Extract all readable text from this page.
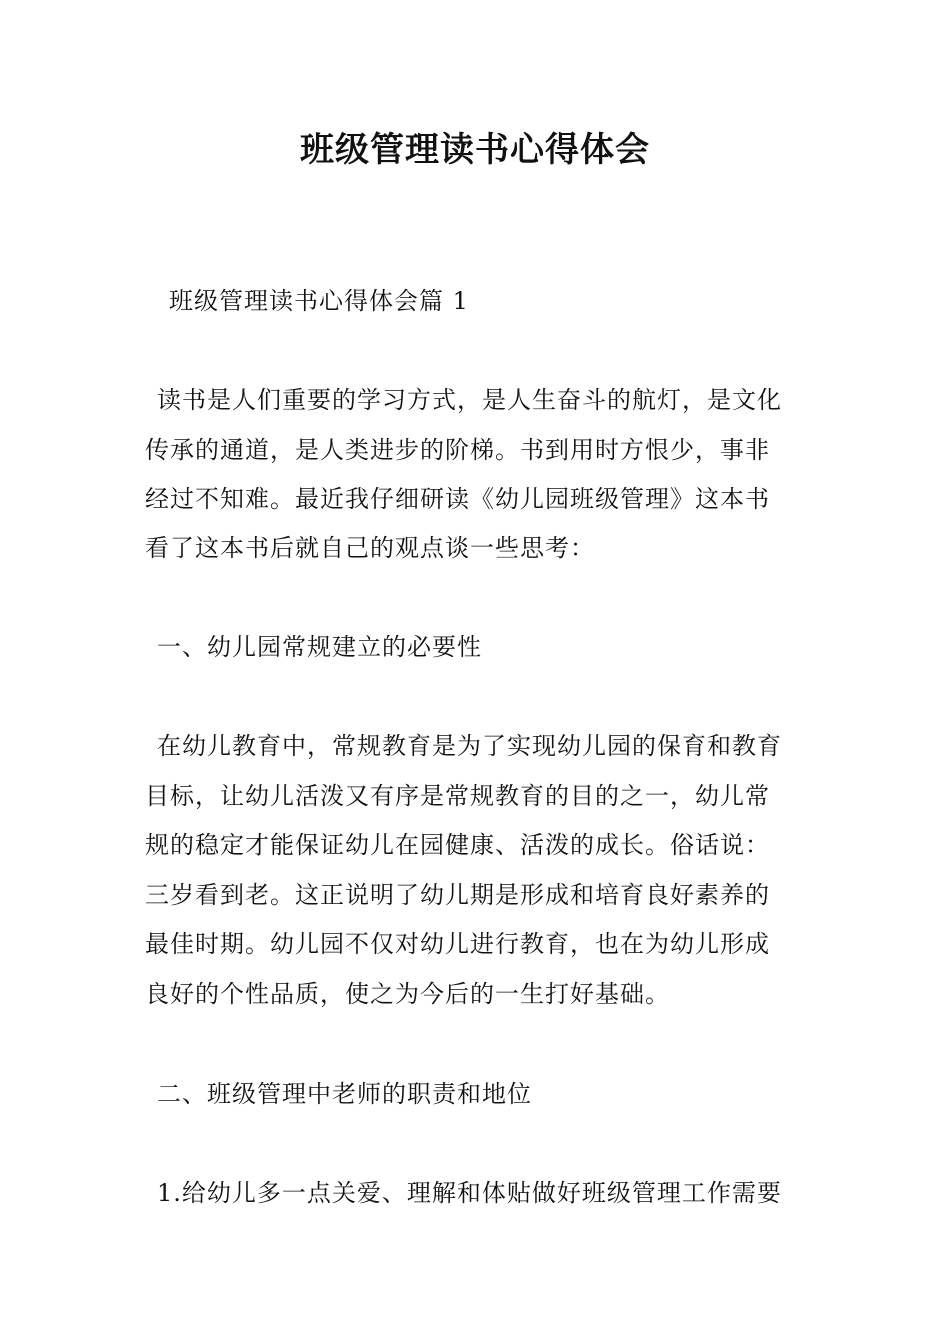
班级管理读书心得体会
班级管理读书心得体会篇 1
读书是人们重要的学习方式，是人生奋斗的航灯，是文化
传承的通道，是人类进步的阶梯。书到用时方恨少，事非
经过不知难。最近我仔细研读《幼儿园班级管理》这本书
看了这本书后就自己的观点谈一些思考：
一、幼儿园常规建立的必要性
在幼儿教育中，常规教育是为了实现幼儿园的保育和教育
目标，让幼儿活泼又有序是常规教育的目的之一，幼儿常
规的稳定才能保证幼儿在园健康、活泼的成长。俗话说：
三岁看到老。这正说明了幼儿期是形成和培育良好素养的
最佳时期。幼儿园不仅对幼儿进行教育，也在为幼儿形成
良好的个性品质，使之为今后的一生打好基础。
二、班级管理中老师的职责和地位
1.给幼儿多一点关爱、理解和体贴做好班级管理工作需要
